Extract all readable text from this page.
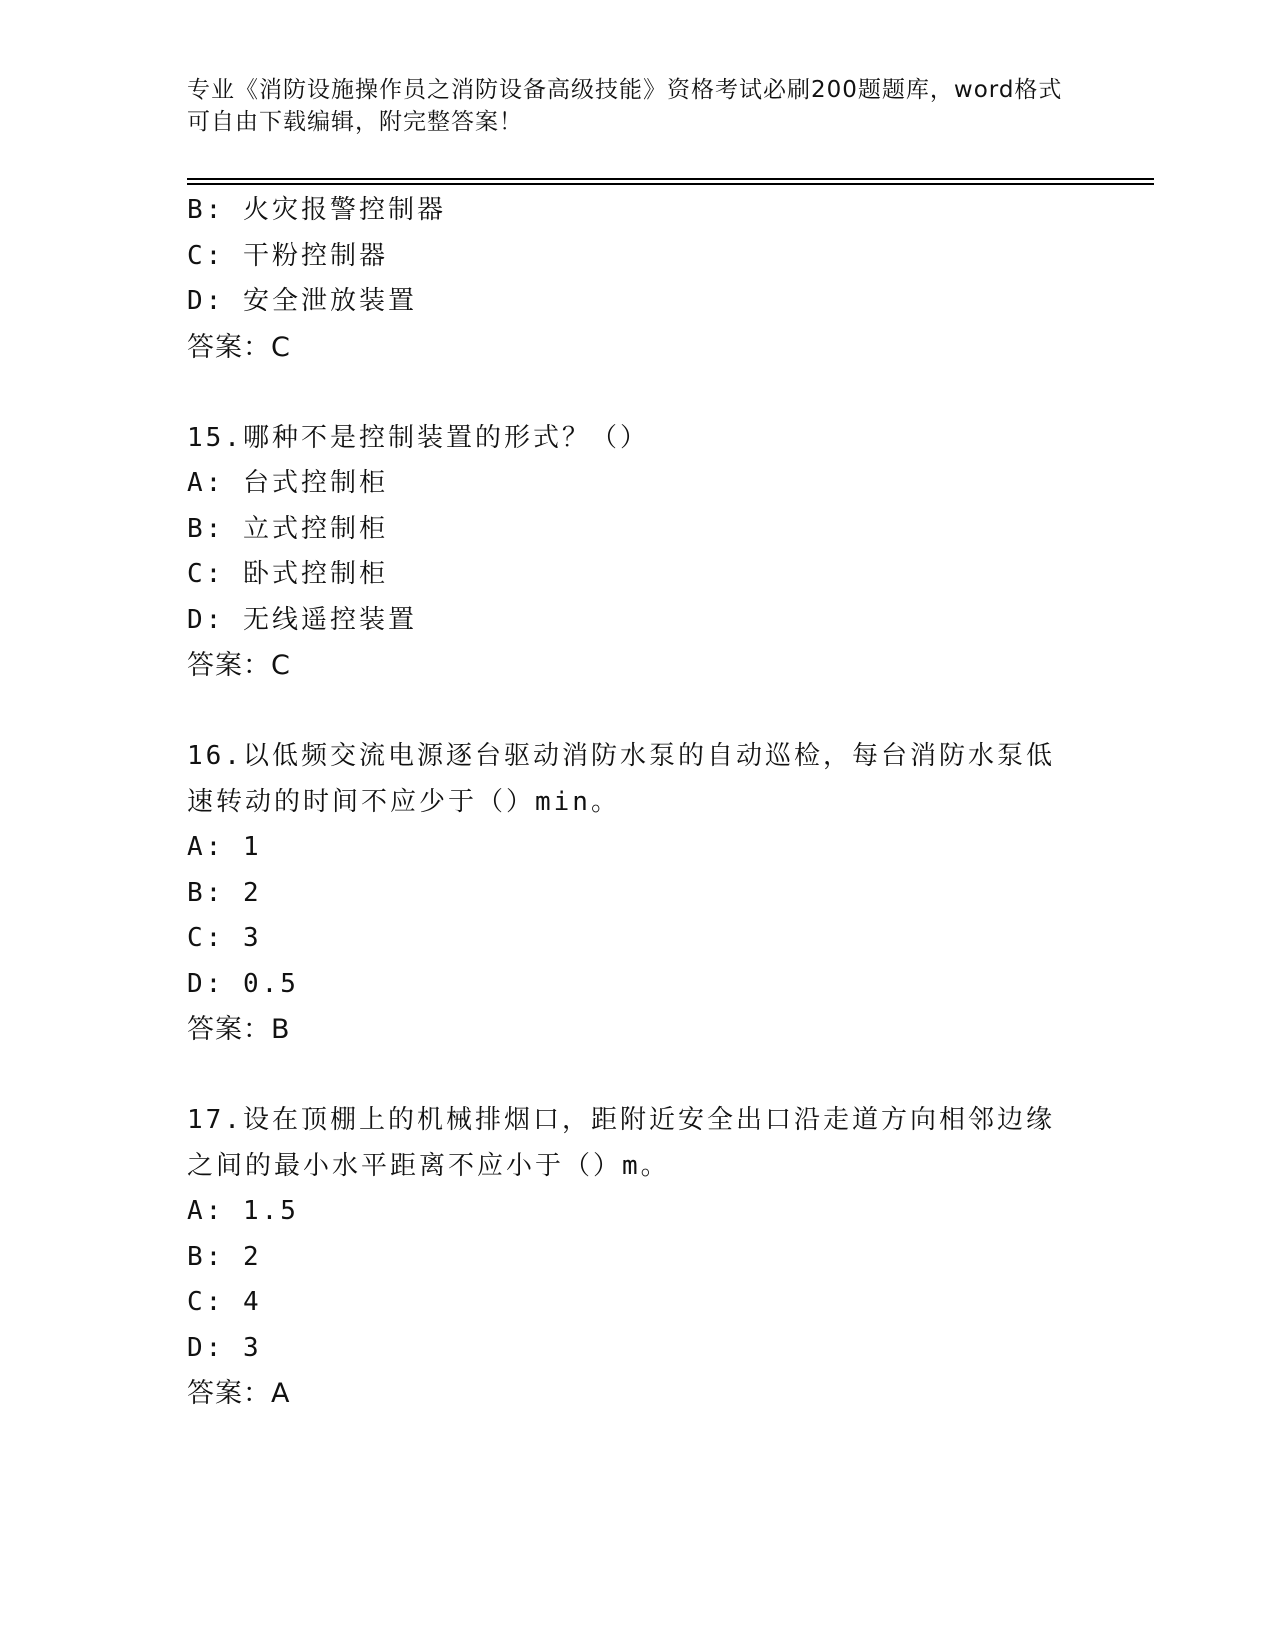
专业《消防设施操作员之消防设备高级技能》资格考试必刷200题题库，word格式可自由下载编辑，附完整答案！
B: 火灾报警控制器
C: 干粉控制器
D: 安全泄放装置
答案：C
15.哪种不是控制装置的形式？（）
A: 台式控制柜
B: 立式控制柜
C: 卧式控制柜
D: 无线遥控装置
答案：C
16.以低频交流电源逐台驱动消防水泵的自动巡检，每台消防水泵低速转动的时间不应少于（）min。
A: 1
B: 2
C: 3
D: 0.5
答案：B
17.设在顶棚上的机械排烟口，距附近安全出口沿走道方向相邻边缘之间的最小水平距离不应小于（）m。
A: 1.5
B: 2
C: 4
D: 3
答案：A
